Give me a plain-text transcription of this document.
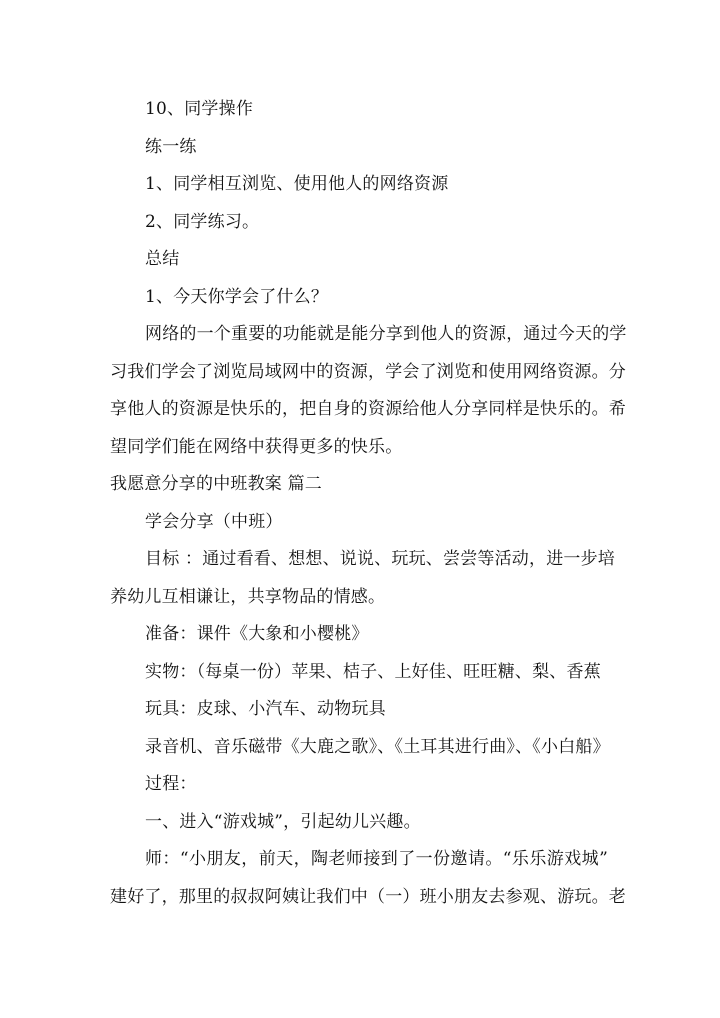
10、同学操作
练一练
1、同学相互浏览、使用他人的网络资源
2、同学练习。
总结
1、今天你学会了什么？
网络的一个重要的功能就是能分享到他人的资源，通过今天的学
习我们学会了浏览局域网中的资源，学会了浏览和使用网络资源。分
享他人的资源是快乐的，把自身的资源给他人分享同样是快乐的。希
望同学们能在网络中获得更多的快乐。
我愿意分享的中班教案 篇二
学会分享（中班）
目标 ：通过看看、想想、说说、玩玩、尝尝等活动，进一步培
养幼儿互相谦让，共享物品的情感。
准备：课件《大象和小樱桃》
实物：（每桌一份）苹果、桔子、上好佳、旺旺糖、梨、香蕉
玩具：皮球、小汽车、动物玩具
录音机、音乐磁带《大鹿之歌》、《土耳其进行曲》、《小白船》
过程：
一、进入“游戏城”，引起幼儿兴趣。
师：“小朋友，前天，陶老师接到了一份邀请。“乐乐游戏城”
建好了，那里的叔叔阿姨让我们中（一）班小朋友去参观、游玩。老
